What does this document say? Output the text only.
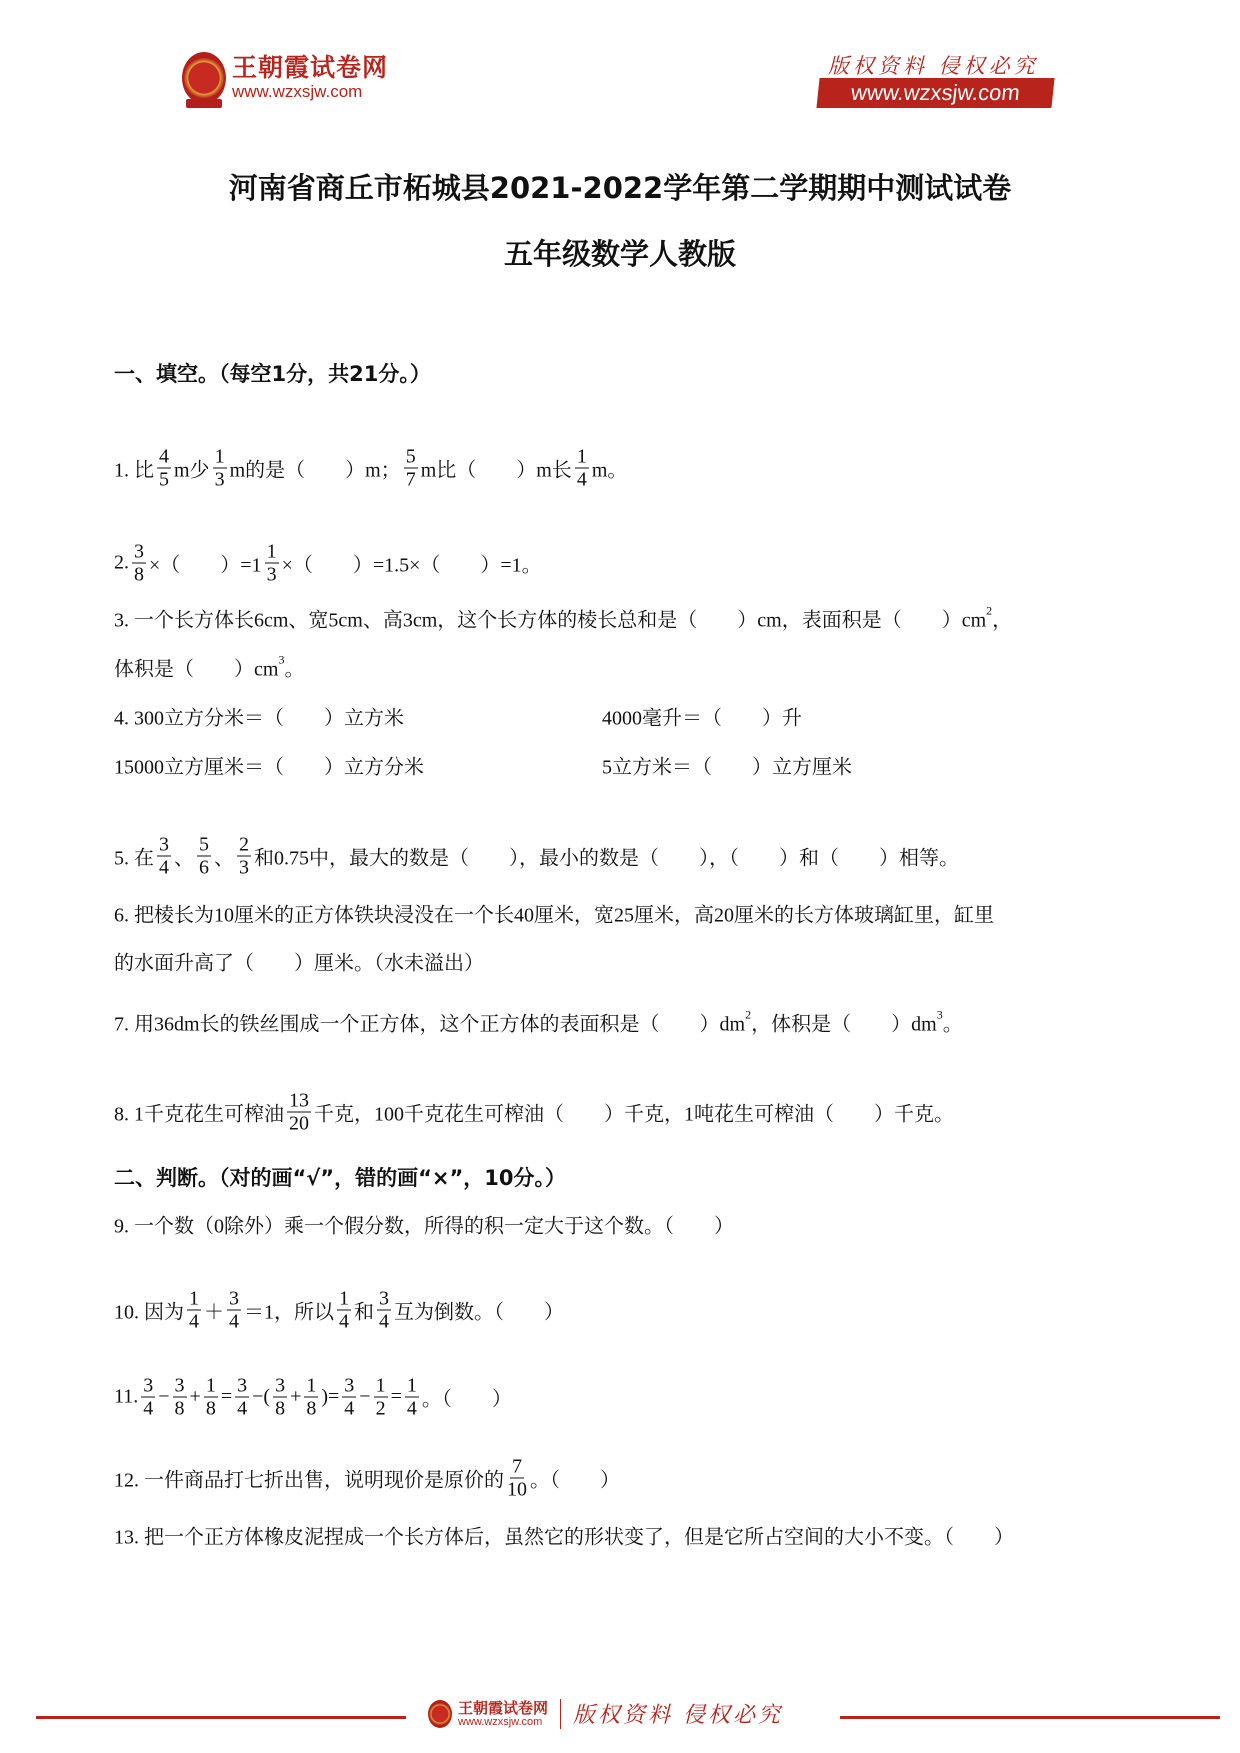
王朝霞试卷网
www.wzxsjw.com
版权资料 侵权必究
www.wzxsjw.com
河南省商丘市柘城县2021-2022学年第二学期期中测试试卷
五年级数学人教版
一、填空。（每空1分，共21分。）
1. 比 $\frac{4}{5}$ m少 $\frac{1}{3}$ m的是（　　）m； $\frac{5}{7}$ m比（　　）m长 $\frac{1}{4}$ m。
2. $\frac{3}{8}$ ×（　　）$=1 \frac{1}{3}$ ×（　　）=1.5×（　　）=1。
3. 一个长方体长6cm、宽5cm、高3cm，这个长方体的棱长总和是（　　）cm，表面积是（　　）cm 2 ，
体积是（　　）cm 3 。
4. 300立方分米＝（　　）立方米	4000毫升＝（　　）升
15000立方厘米＝（　　）立方分米	5立方米＝（　　）立方厘米
5. 在 $\frac{3}{4}$ 、 $\frac{5}{6}$ 、 $\frac{2}{3}$ 和0.75中，最大的数是（　　），最小的数是（　　），（　　）和（　　）相等。
6. 把棱长为10厘米的正方体铁块浸没在一个长40厘米，宽25厘米，高20厘米的长方体玻璃缸里，缸里
的水面升高了（　　）厘米。（水未溢出）
7. 用36dm长的铁丝围成一个正方体，这个正方体的表面积是（　　）dm 2 ，体积是（　　）dm 3 。
8. 1千克花生可榨油 $\frac{13}{20}$ 千克，100千克花生可榨油（　　）千克，1吨花生可榨油（　　）千克。
二、判断。（对的画“√”，错的画“×”，10分。）
9. 一个数（0除外）乘一个假分数，所得的积一定大于这个数。（　　）
10. 因为 $\frac{1}{4} + \frac{3}{4} =1$，所以 $\frac{1}{4}$ 和 $\frac{3}{4}$ 互为倒数。（　　）
11. $\frac{3}{4} - \frac{3}{8} + \frac{1}{8} = \frac{3}{4}$ −( $\frac{3}{8} + \frac{1}{8}$ )= $\frac{3}{4} - \frac{1}{2} = \frac{1}{4}$ 。（　　）
12. 一件商品打七折出售，说明现价是原价的 $\frac{7}{10}$ 。（　　）
13. 把一个正方体橡皮泥捏成一个长方体后，虽然它的形状变了，但是它所占空间的大小不变。（　　）
王朝霞试卷网
www.wzxsjw.com 版权资料 侵权必究
